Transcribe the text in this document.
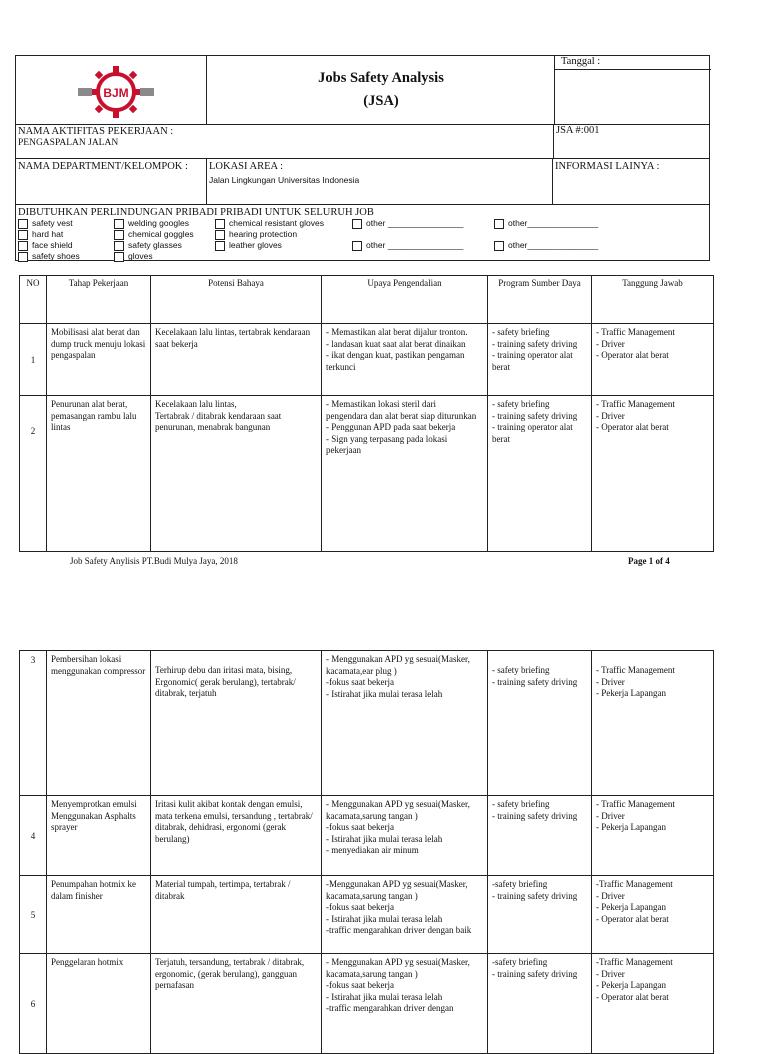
BJM
Jobs Safety Analysis
(JSA)
Tanggal :
NAMA AKTIFITAS PEKERJAAN :
PENGASPALAN JALAN
JSA #:001
NAMA DEPARTMENT/KELOMPOK : LOKASI AREA :
Jalan Lingkungan Universitas Indonesia
INFORMASI LAINYA :
DIBUTUHKAN PERLINDUNGAN PRIBADI PRIBADI UNTUK SELURUH JOB
safety vest
hard hat
face shield
safety shoes
welding googles
chemical goggles
safety glasses
gloves
chemical resistant gloves
hearing protection
leather gloves
other ________________
other ________________
other_______________
other_______________
NO	Tahap Pekerjaan	Potensi Bahaya	Upaya Pengendalian	Program Sumber Daya	Tanggung Jawab
1	Mobilisasi alat berat dan dump truck menuju lokasi pengaspalan	Kecelakaan lalu lintas, tertabrak kendaraan saat bekerja	- Memastikan alat berat dijalur tronton.
- landasan kuat saat alat berat dinaikan
- ikat dengan kuat, pastikan pengaman terkunci	- safety briefing
- training safety driving
- training operator alat berat	- Traffic Management
- Driver
- Operator alat berat
2	Penurunan alat berat, pemasangan rambu lalu lintas	Kecelakaan lalu lintas,
Tertabrak / ditabrak kendaraan saat penurunan, menabrak bangunan	- Memastikan lokasi steril dari
pengendara dan alat berat siap diturunkan
- Penggunan APD pada saat bekerja
- Sign yang terpasang pada lokasi pekerjaan	- safety briefing
- training safety driving
- training operator alat berat	- Traffic Management
- Driver
- Operator alat berat
Job Safety Anylisis PT.Budi Mulya Jaya, 2018	Page 1 of 4
3	Pembersihan lokasi menggunakan compressor	Terhirup debu dan iritasi mata, bising, Ergonomic( gerak berulang), tertabrak/ ditabrak, terjatuh	- Menggunakan APD yg sesuai(Masker, kacamata,ear plug )
-fokus saat bekerja
- Istirahat jika mulai terasa lelah	- safety briefing
- training safety driving	- Traffic Management
- Driver
- Pekerja Lapangan
4	Menyemprotkan emulsi Menggunakan Asphalts sprayer	Iritasi kulit akibat kontak dengan emulsi, mata terkena emulsi, tersandung , tertabrak/ ditabrak, dehidrasi, ergonomi (gerak berulang)	- Menggunakan APD yg sesuai(Masker, kacamata,sarung tangan )
-fokus saat bekerja
- Istirahat jika mulai terasa lelah
- menyediakan air minum	- safety briefing
- training safety driving	- Traffic Management
- Driver
- Pekerja Lapangan
5	Penumpahan hotmix ke dalam finisher	Material tumpah, tertimpa, tertabrak / ditabrak	-Menggunakan APD yg sesuai(Masker, kacamata,sarung tangan )
-fokus saat bekerja
- Istirahat jika mulai terasa lelah
-traffic mengarahkan driver dengan baik	-safety briefing
- training safety driving	-Traffic Management
- Driver
- Pekerja Lapangan
- Operator alat berat
6	Penggelaran hotmix	Terjatuh, tersandung, tertabrak / ditabrak, ergonomic, (gerak berulang), gangguan pernafasan	- Menggunakan APD yg sesuai(Masker, kacamata,sarung tangan )
-fokus saat bekerja
- Istirahat jika mulai terasa lelah
-traffic mengarahkan driver dengan	-safety briefing
- training safety driving	-Traffic Management
- Driver
- Pekerja Lapangan
- Operator alat berat
